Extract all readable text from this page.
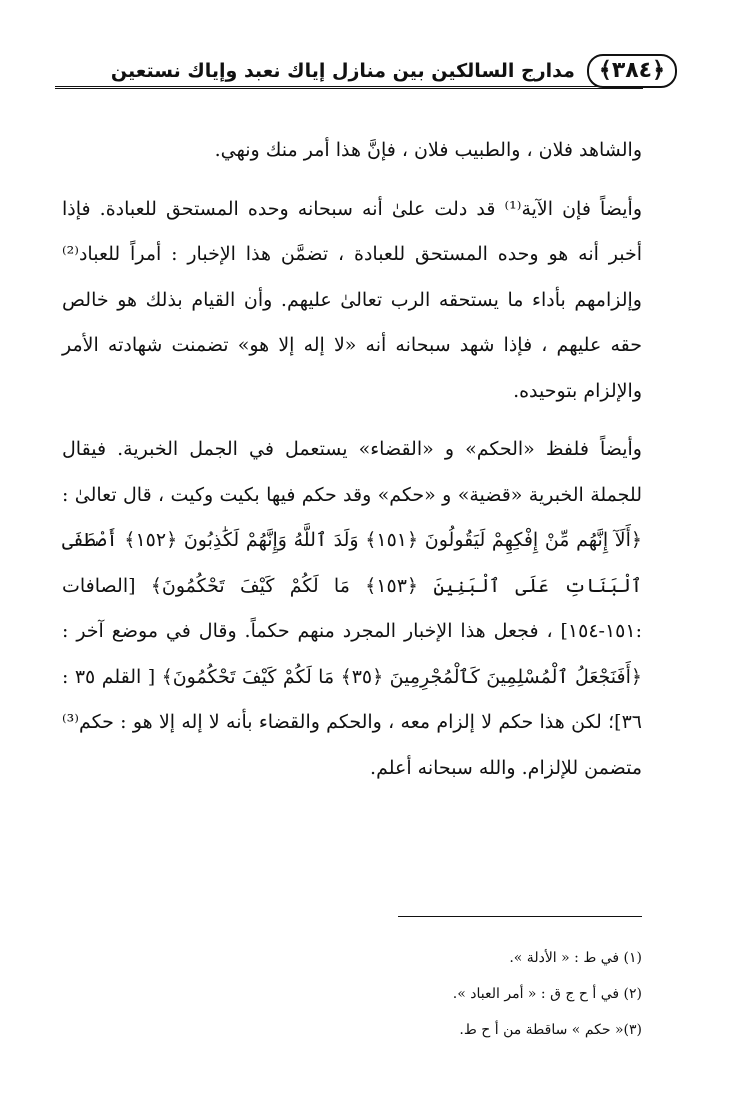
﴿٣٨٤﴾
مدارج السالكين بين منازل إياك نعبد وإياك نستعين

والشاهد فلان ، والطبيب فلان ، فإنَّ هذا أمر منك ونهي.

وأيضاً فإن الآية⁽¹⁾ قد دلت علىٰ أنه سبحانه وحده المستحق للعبادة. فإذا أخبر أنه هو وحده المستحق للعبادة ، تضمَّن هذا الإخبار : أمراً للعباد⁽²⁾ وإلزامهم بأداء ما يستحقه الرب تعالىٰ عليهم. وأن القيام بذلك هو خالص حقه عليهم ، فإذا شهد سبحانه أنه «لا إله إلا هو» تضمنت شهادته الأمر والإلزام بتوحيده.

وأيضاً فلفظ «الحكم» و «القضاء» يستعمل في الجمل الخبرية. فيقال للجملة الخبرية «قضية» و «حكم» وقد حكم فيها بكيت وكيت ، قال تعالىٰ : ﴿أَلَآ إِنَّهُم مِّنْ إِفْكِهِمْ لَيَقُولُونَ ﴿١٥١﴾ وَلَدَ ٱللَّهُ وَإِنَّهُمْ لَكَٰذِبُونَ ﴿١٥٢﴾ أَصْطَفَى ٱلْبَنَاتِ عَلَى ٱلْبَنِينَ ﴿١٥٣﴾ مَا لَكُمْ كَيْفَ تَحْكُمُونَ﴾ [الصافات :١٥١-١٥٤] ، فجعل هذا الإخبار المجرد منهم حكماً. وقال في موضع آخر : ﴿أَفَنَجْعَلُ ٱلْمُسْلِمِينَ كَٱلْمُجْرِمِينَ ﴿٣٥﴾ مَا لَكُمْ كَيْفَ تَحْكُمُونَ﴾ [ القلم ٣٥ : ٣٦]؛ لكن هذا حكم لا إلزام معه ، والحكم والقضاء بأنه لا إله إلا هو : حكم⁽³⁾ متضمن للإلزام. والله سبحانه أعلم.

(١) في ط : « الأدلة ».
(٢) في أ ح ج ق : « أمر العباد ».
(٣)« حكم » ساقطة من أ ح ط.
